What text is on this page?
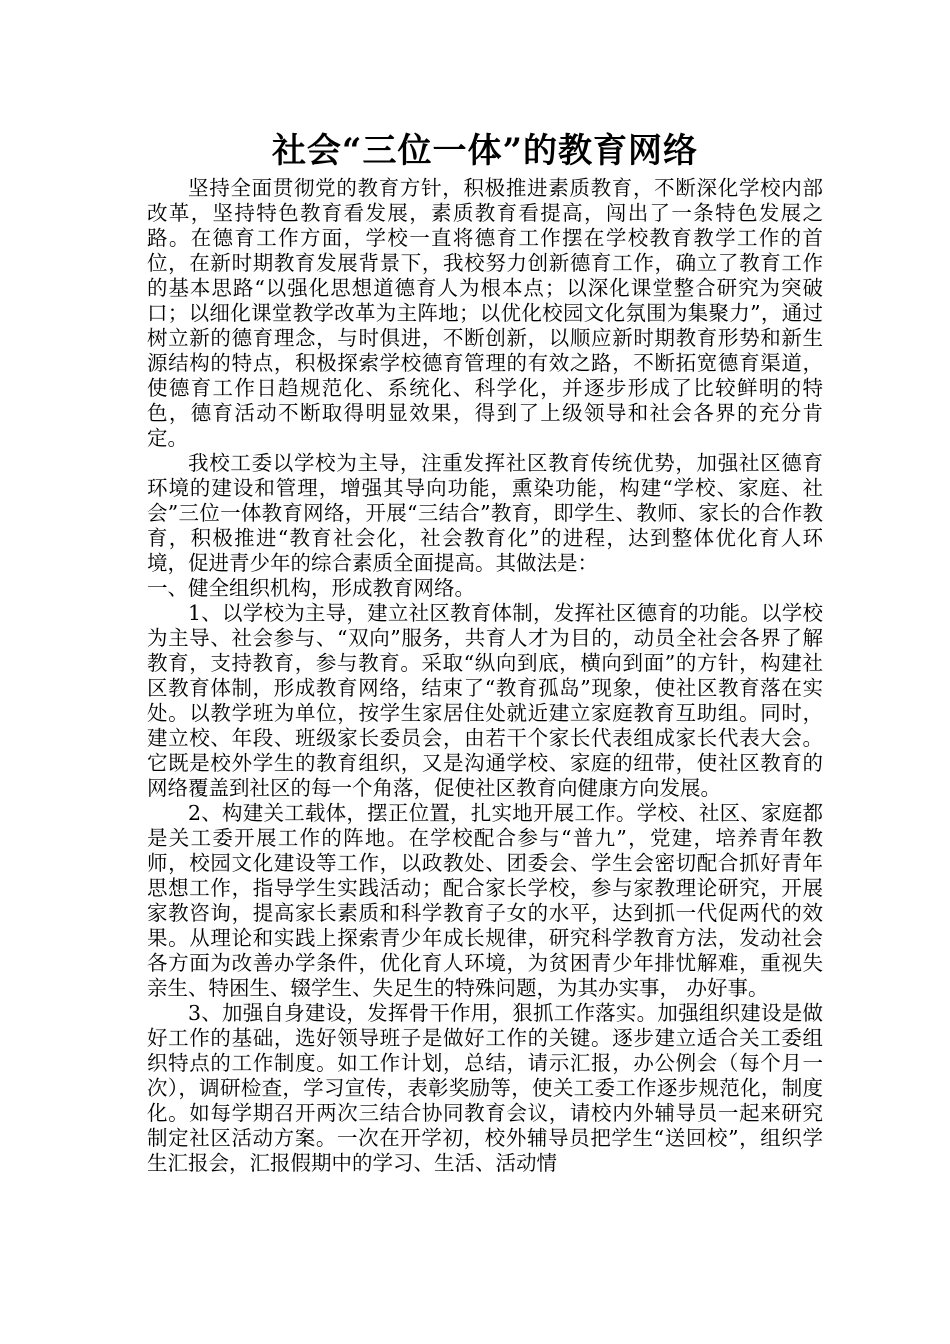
社会“三位一体”的教育网络

坚持全面贯彻党的教育方针，积极推进素质教育，不断深化学校内部改革，坚持特色教育看发展，素质教育看提高，闯出了一条特色发展之路。在德育工作方面，学校一直将德育工作摆在学校教育教学工作的首位，在新时期教育发展背景下，我校努力创新德育工作，确立了教育工作的基本思路“以强化思想道德育人为根本点；以深化课堂整合研究为突破口；以细化课堂教学改革为主阵地；以优化校园文化氛围为集聚力”，通过树立新的德育理念，与时俱进，不断创新，以顺应新时期教育形势和新生源结构的特点，积极探索学校德育管理的有效之路，不断拓宽德育渠道，使德育工作日趋规范化、系统化、科学化，并逐步形成了比较鲜明的特色，德育活动不断取得明显效果，得到了上级领导和社会各界的充分肯定。

我校工委以学校为主导，注重发挥社区教育传统优势，加强社区德育环境的建设和管理，增强其导向功能，熏染功能，构建“学校、家庭、社会”三位一体教育网络，开展“三结合”教育，即学生、教师、家长的合作教育，积极推进“教育社会化，社会教育化”的进程，达到整体优化育人环境，促进青少年的综合素质全面提高。其做法是：

一、健全组织机构，形成教育网络。

1、以学校为主导，建立社区教育体制，发挥社区德育的功能。以学校为主导、社会参与、“双向”服务，共育人才为目的，动员全社会各界了解教育，支持教育，参与教育。采取“纵向到底，横向到面”的方针，构建社区教育体制，形成教育网络，结束了“教育孤岛”现象，使社区教育落在实处。以教学班为单位，按学生家居住处就近建立家庭教育互助组。同时，建立校、年段、班级家长委员会，由若干个家长代表组成家长代表大会。它既是校外学生的教育组织，又是沟通学校、家庭的纽带，使社区教育的网络覆盖到社区的每一个角落，促使社区教育向健康方向发展。

2、构建关工载体，摆正位置，扎实地开展工作。学校、社区、家庭都是关工委开展工作的阵地。在学校配合参与“普九”，党建，培养青年教师，校园文化建设等工作，以政教处、团委会、学生会密切配合抓好青年思想工作，指导学生实践活动；配合家长学校，参与家教理论研究，开展家教咨询，提高家长素质和科学教育子女的水平，达到抓一代促两代的效果。从理论和实践上探索青少年成长规律，研究科学教育方法，发动社会各方面为改善办学条件，优化育人环境，为贫困青少年排忧解难，重视失亲生、特困生、辍学生、失足生的特殊问题，为其办实事， 办好事。

3、加强自身建设，发挥骨干作用，狠抓工作落实。加强组织建设是做好工作的基础，选好领导班子是做好工作的关键。逐步建立适合关工委组织特点的工作制度。如工作计划，总结，请示汇报，办公例会（每个月一次），调研检查，学习宣传，表彰奖励等，使关工委工作逐步规范化，制度化。如每学期召开两次三结合协同教育会议，请校内外辅导员一起来研究制定社区活动方案。一次在开学初，校外辅导员把学生“送回校”，组织学生汇报会，汇报假期中的学习、生活、活动情
